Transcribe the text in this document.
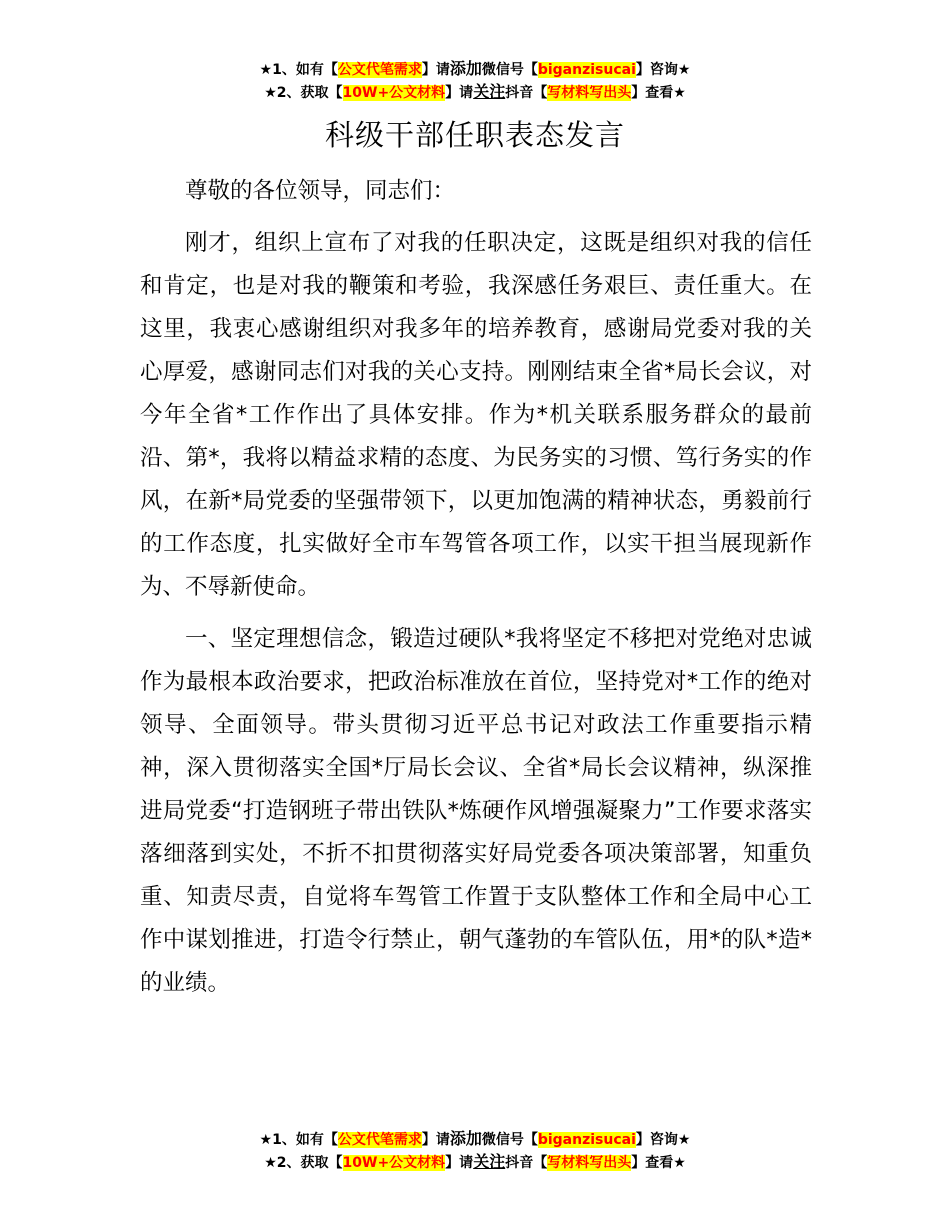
★1、如有【公文代笔需求】请添加微信号【biganzisucai】咨询★
★2、获取【10W+公文材料】请关注抖音【写材料写出头】查看★
科级干部任职表态发言

尊敬的各位领导，同志们：

刚才，组织上宣布了对我的任职决定，这既是组织对我的信任和肯定，也是对我的鞭策和考验，我深感任务艰巨、责任重大。在这里，我衷心感谢组织对我多年的培养教育，感谢局党委对我的关心厚爱，感谢同志们对我的关心支持。刚刚结束全省*局长会议，对今年全省*工作作出了具体安排。作为*机关联系服务群众的最前沿、第*，我将以精益求精的态度、为民务实的习惯、笃行务实的作风，在新*局党委的坚强带领下，以更加饱满的精神状态，勇毅前行的工作态度，扎实做好全市车驾管各项工作，以实干担当展现新作为、不辱新使命。

一、坚定理想信念，锻造过硬队*我将坚定不移把对党绝对忠诚作为最根本政治要求，把政治标准放在首位，坚持党对*工作的绝对领导、全面领导。带头贯彻习近平总书记对政法工作重要指示精神，深入贯彻落实全国*厅局长会议、全省*局长会议精神，纵深推进局党委“打造钢班子带出铁队*炼硬作风增强凝聚力”工作要求落实落细落到实处，不折不扣贯彻落实好局党委各项决策部署，知重负重、知责尽责，自觉将车驾管工作置于支队整体工作和全局中心工作中谋划推进，打造令行禁止，朝气蓬勃的车管队伍，用*的队*造*的业绩。

★1、如有【公文代笔需求】请添加微信号【biganzisucai】咨询★
★2、获取【10W+公文材料】请关注抖音【写材料写出头】查看★
